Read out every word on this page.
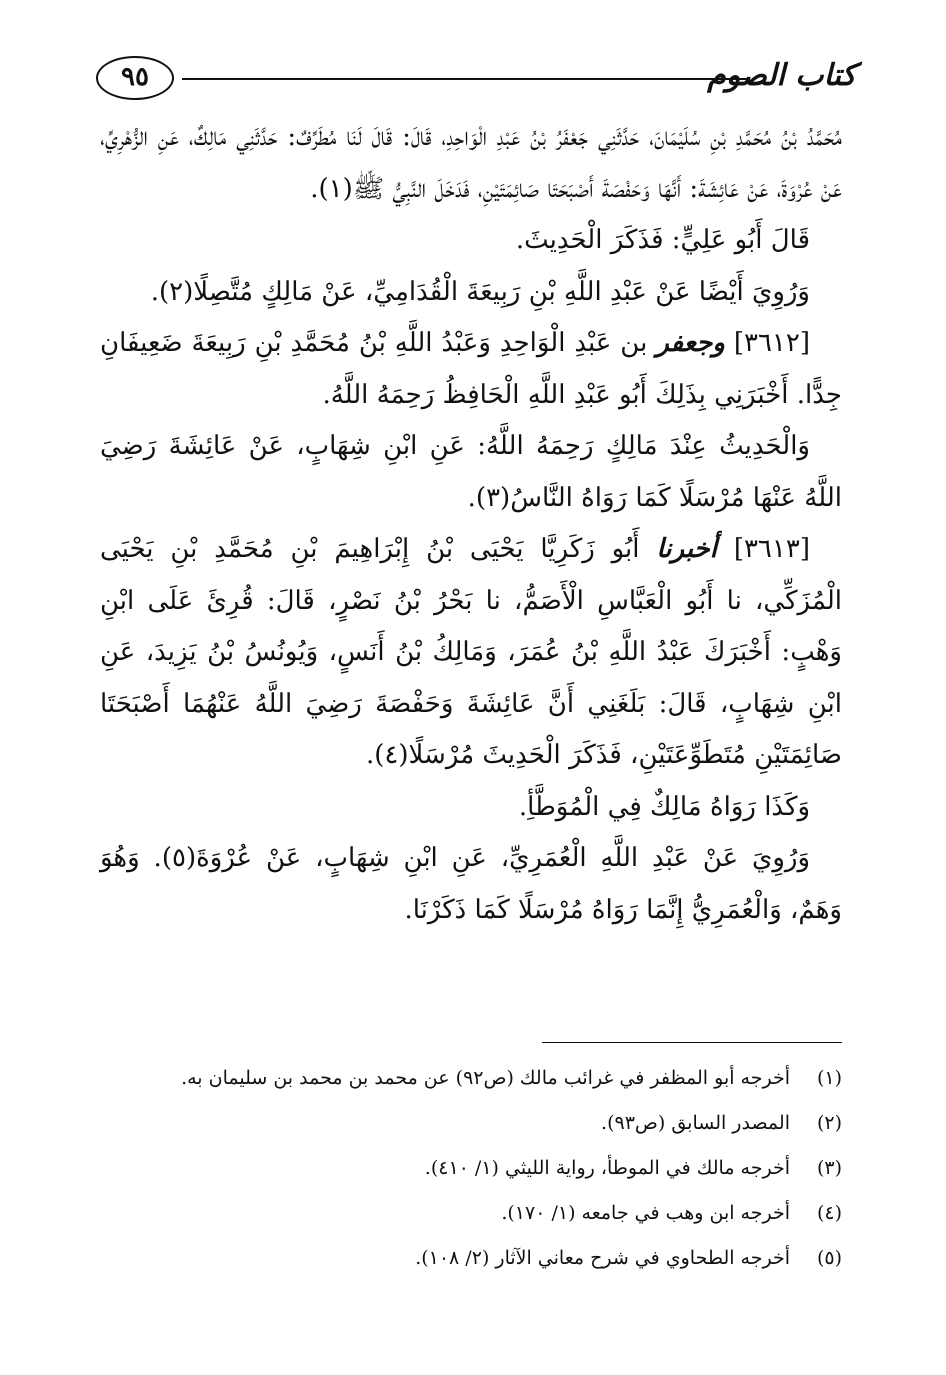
٩٥	كتاب الصوم

مُحَمَّدُ بْنُ مُحَمَّدِ بْنِ سُلَيْمَانَ، حَدَّثَنِي جَعْفَرُ بْنُ عَبْدِ الْوَاحِدِ، قَالَ: قَالَ لَنَا مُطَرِّفٌ: حَدَّثَنِي مَالِكٌ، عَنِ الزُّهْرِيِّ، عَنْ عُرْوَةَ، عَنْ عَائِشَةَ: أَنَّهَا وَحَفْصَةَ أَصْبَحَتَا صَائِمَتَيْنِ، فَدَخَلَ النَّبِيُّ ﷺ(١).

قَالَ أَبُو عَلِيٍّ: فَذَكَرَ الْحَدِيثَ.

وَرُوِيَ أَيْضًا عَنْ عَبْدِ اللَّهِ بْنِ رَبِيعَةَ الْقُدَامِيِّ، عَنْ مَالِكٍ مُتَّصِلًا(٢).

[٣٦١٢] وجعفر بن عَبْدِ الْوَاحِدِ وَعَبْدُ اللَّهِ بْنُ مُحَمَّدِ بْنِ رَبِيعَةَ ضَعِيفَانِ جِدًّا. أَخْبَرَنِي بِذَلِكَ أَبُو عَبْدِ اللَّهِ الْحَافِظُ رَحِمَهُ اللَّهُ.

وَالْحَدِيثُ عِنْدَ مَالِكٍ رَحِمَهُ اللَّهُ: عَنِ ابْنِ شِهَابٍ، عَنْ عَائِشَةَ رَضِيَ اللَّهُ عَنْهَا مُرْسَلًا كَمَا رَوَاهُ النَّاسُ(٣).

[٣٦١٣] أخبرنا أَبُو زَكَرِيَّا يَحْيَى بْنُ إِبْرَاهِيمَ بْنِ مُحَمَّدِ بْنِ يَحْيَى الْمُزَكِّي، نا أَبُو الْعَبَّاسِ الْأَصَمُّ، نا بَحْرُ بْنُ نَصْرٍ، قَالَ: قُرِئَ عَلَى ابْنِ وَهْبٍ: أَخْبَرَكَ عَبْدُ اللَّهِ بْنُ عُمَرَ، وَمَالِكُ بْنُ أَنَسٍ، وَيُونُسُ بْنُ يَزِيدَ، عَنِ ابْنِ شِهَابٍ، قَالَ: بَلَغَنِي أَنَّ عَائِشَةَ وَحَفْصَةَ رَضِيَ اللَّهُ عَنْهُمَا أَصْبَحَتَا صَائِمَتَيْنِ مُتَطَوِّعَتَيْنِ، فَذَكَرَ الْحَدِيثَ مُرْسَلًا(٤).

وَكَذَا رَوَاهُ مَالِكٌ فِي الْمُوَطَّأِ.

وَرُوِيَ عَنْ عَبْدِ اللَّهِ الْعُمَرِيِّ، عَنِ ابْنِ شِهَابٍ، عَنْ عُرْوَةَ(٥). وَهُوَ وَهَمٌ، وَالْعُمَرِيُّ إِنَّمَا رَوَاهُ مُرْسَلًا كَمَا ذَكَرْنَا.

(١)
أخرجه أبو المظفر في غرائب مالك (ص٩٢) عن محمد بن محمد بن سليمان به.
(٢)
المصدر السابق (ص٩٣).
(٣)
أخرجه مالك في الموطأ، رواية الليثي (١/ ٤١٠).
(٤)
أخرجه ابن وهب في جامعه (١/ ١٧٠).
(٥)
أخرجه الطحاوي في شرح معاني الآثار (٢/ ١٠٨).
